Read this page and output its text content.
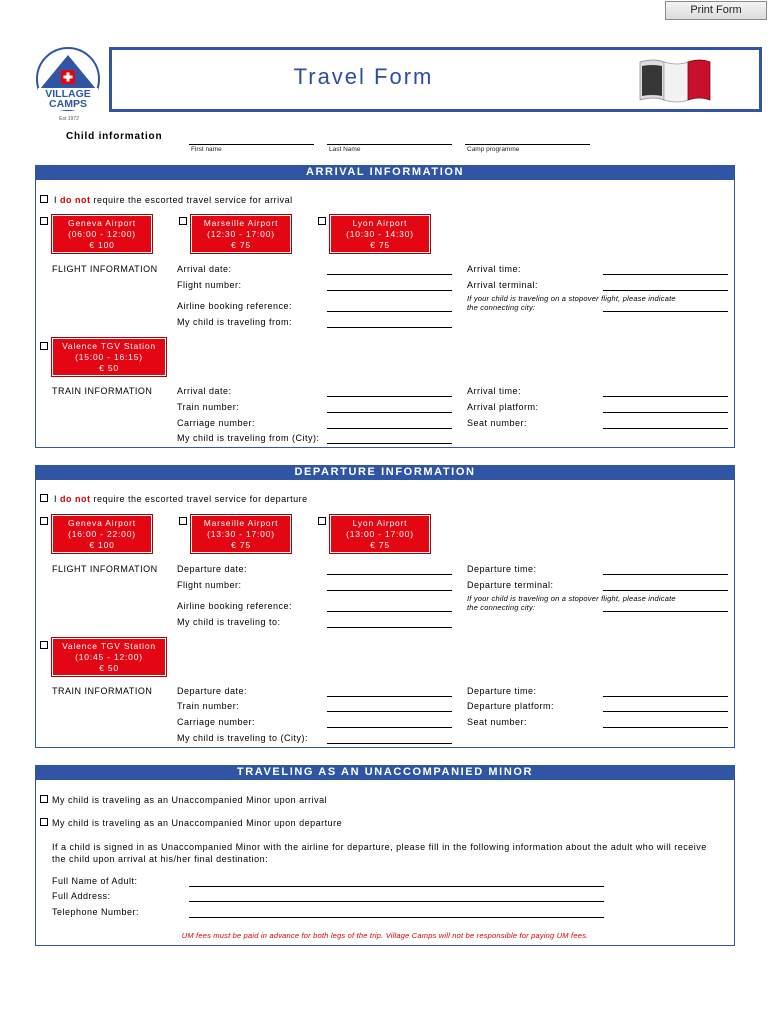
Print Form
VILLAGE
CAMPS
Est 1972
Travel Form
Child information
First name	Last Name	Camp programme
ARRIVAL INFORMATION
I do not require the escorted travel service for arrival
Geneva Airport
(06:00 - 12:00)
€ 100
Marseille Airport
(12:30 - 17:00)
€ 75
Lyon Airport
(10:30 - 14:30)
€ 75
FLIGHT INFORMATION Arrival date:
Flight number:
Airline booking reference:
My child is traveling from:
Arrival time:
Arrival terminal:
If your child is traveling on a stopover flight, please indicate
the connecting city:
Valence TGV Station
(15:00 - 16:15)
€ 50
TRAIN INFORMATION	Arrival date:
Train number:
Carriage number:
My child is traveling from (City):
Arrival time:
Arrival platform:
Seat number:
DEPARTURE INFORMATION
I do not require the escorted travel service for departure
Geneva Airport
(16:00 - 22:00)
€ 100
Marseille Airport
(13:30 - 17:00)
€ 75
Lyon Airport
(13:00 - 17:00)
€ 75
FLIGHT INFORMATION Departure date:
Flight number:
Airline booking reference:
My child is traveling to:
Departure time:
Departure terminal:
If your child is traveling on a stopover flight, please indicate
the connecting city:
Valence TGV Station
(10:45 - 12:00)
€ 50
TRAIN INFORMATION	Departure date:
Train number:
Carriage number:
My child is traveling to (City):
Departure time:
Departure platform:
Seat number:
TRAVELING AS AN UNACCOMPANIED MINOR
My child is traveling as an Unaccompanied Minor upon arrival
My child is traveling as an Unaccompanied Minor upon departure
If a child is signed in as Unaccompanied Minor with the airline for departure, please fill in the following information about the adult who will receive
the child upon arrival at his/her final destination:
Full Name of Adult:
Full Address:
Telephone Number:
UM fees must be paid in advance for both legs of the trip. Village Camps will not be responsible for paying UM fees.
